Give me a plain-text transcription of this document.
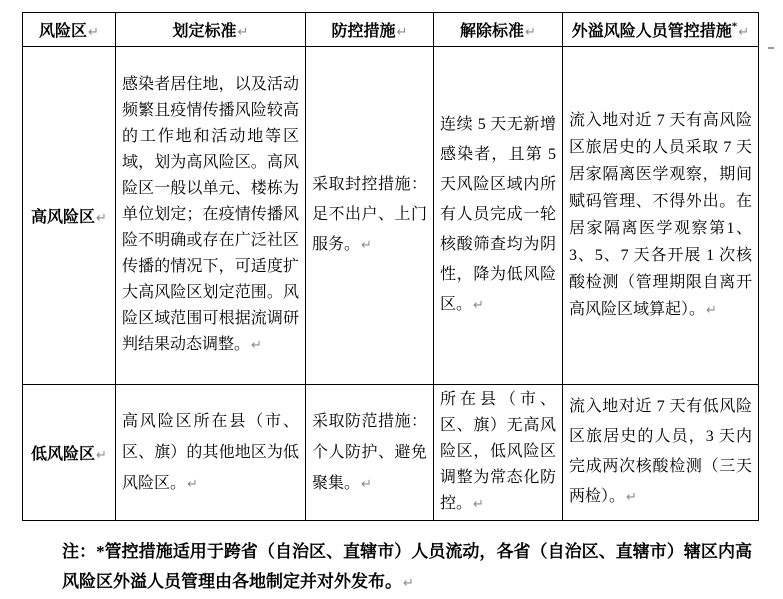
风险区↵	划定标准↵	防控措施↵	解除标准↵	外溢风险人员管控措施*↵
高风险区↵	感染者居住地，以及活动频繁且疫情传播风险较高的工作地和活动地等区域，划为高风险区。高风险区一般以单元、楼栋为单位划定；在疫情传播风险不明确或存在广泛社区传播的情况下，可适度扩大高风险区划定范围。风险区域范围可根据流调研判结果动态调整。↵	采取封控措施：足不出户、上门服务。↵	连续 5 天无新增感染者，且第 5 天风险区域内所有人员完成一轮核酸筛查均为阴性，降为低风险区。↵	流入地对近 7 天有高风险区旅居史的人员采取 7 天居家隔离医学观察，期间赋码管理、不得外出。在居家隔离医学观察第1、3、5、7 天各开展 1 次核酸检测（管理期限自离开高风险区域算起）。↵
低风险区↵	高风险区所在县（市、区、旗）的其他地区为低风险区。↵	采取防范措施：个人防护、避免聚集。↵	所在县（市、区、旗）无高风险区，低风险区调整为常态化防控。↵	流入地对近 7 天有低风险区旅居史的人员，3 天内完成两次核酸检测（三天两检）。↵

注：*管控措施适用于跨省（自治区、直辖市）人员流动，各省（自治区、直辖市）辖区内高风险区外溢人员管理由各地制定并对外发布。↵
